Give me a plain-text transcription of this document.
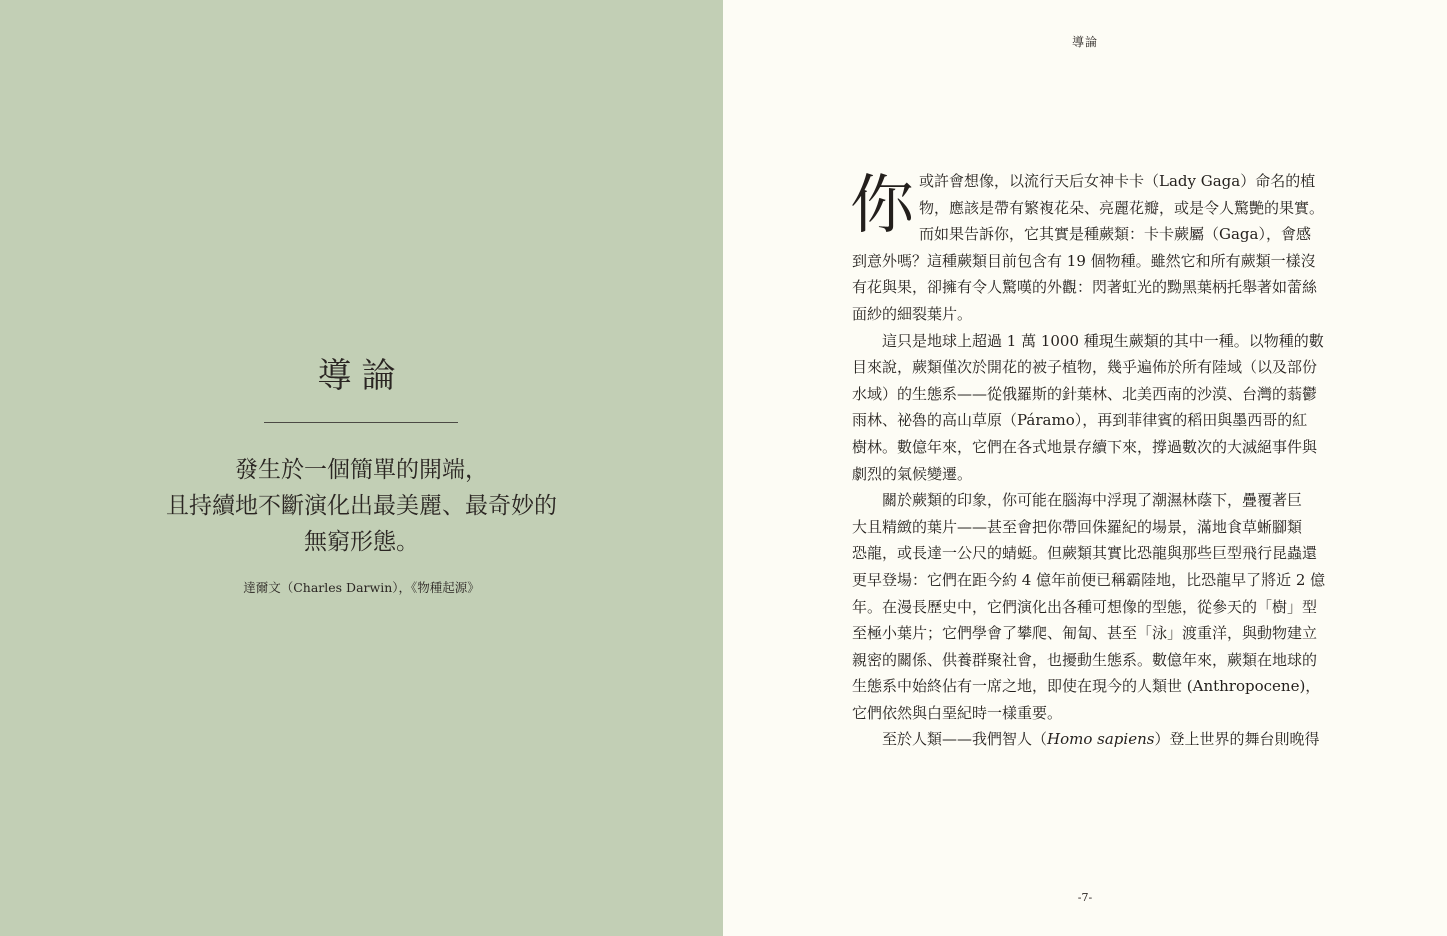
導論
發生於一個簡單的開端，
且持續地不斷演化出最美麗、最奇妙的
無窮形態。
達爾文（Charles Darwin），《物種起源》
導論
你 或許會想像，以流行天后女神卡卡（Lady Gaga）命名的植
物，應該是帶有繁複花朵、亮麗花瓣，或是令人驚艷的果實。
而如果告訴你，它其實是種蕨類：卡卡蕨屬（Gaga），會感
到意外嗎？這種蕨類目前包含有 19 個物種。雖然它和所有蕨類一樣沒
有花與果，卻擁有令人驚嘆的外觀：閃著虹光的黝黑葉柄托舉著如蕾絲
面紗的細裂葉片。
這只是地球上超過 1 萬 1000 種現生蕨類的其中一種。以物種的數
目來說，蕨類僅次於開花的被子植物，幾乎遍佈於所有陸域（以及部份
水域）的生態系——從俄羅斯的針葉林、北美西南的沙漠、台灣的蓊鬱
雨林、祕魯的高山草原（Páramo），再到菲律賓的稻田與墨西哥的紅
樹林。數億年來，它們在各式地景存續下來，撐過數次的大滅絕事件與
劇烈的氣候變遷。
關於蕨類的印象，你可能在腦海中浮現了潮濕林蔭下，疊覆著巨
大且精緻的葉片——甚至會把你帶回侏羅紀的場景，滿地食草蜥腳類
恐龍，或長達一公尺的蜻蜓。但蕨類其實比恐龍與那些巨型飛行昆蟲還
更早登場：它們在距今約 4 億年前便已稱霸陸地，比恐龍早了將近 2 億
年。在漫長歷史中，它們演化出各種可想像的型態，從參天的「樹」型
至極小葉片；它們學會了攀爬、匍匐、甚至「泳」渡重洋，與動物建立
親密的關係、供養群聚社會，也擾動生態系。數億年來，蕨類在地球的
生態系中始終佔有一席之地，即使在現今的人類世 (Anthropocene)，
它們依然與白堊紀時一樣重要。
至於人類——我們智人（Homo sapiens）登上世界的舞台則晚得
-7-
